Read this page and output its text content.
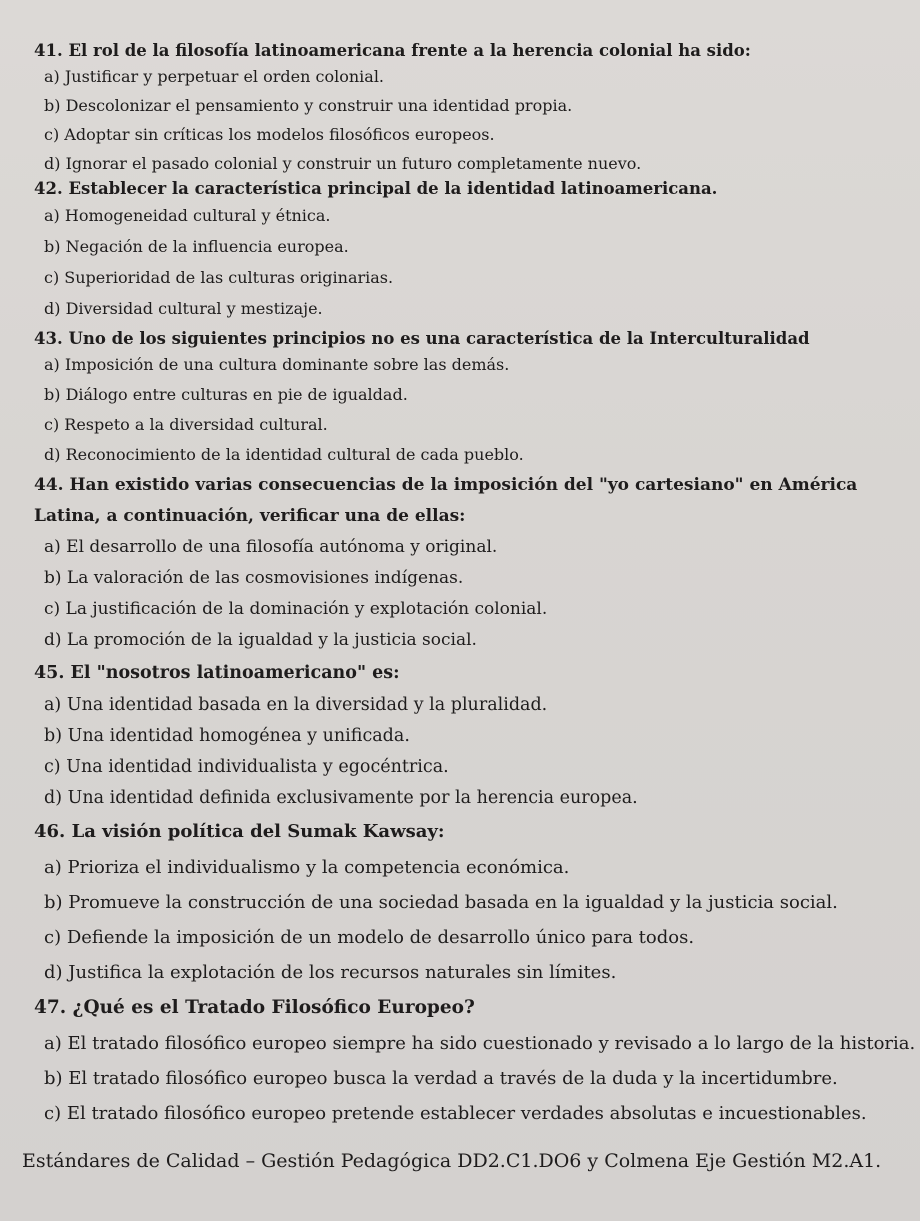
41. El rol de la filosofía latinoamericana frente a la herencia colonial ha sido:

a) Justificar y perpetuar el orden colonial.

b) Descolonizar el pensamiento y construir una identidad propia.

c) Adoptar sin críticas los modelos filosóficos europeos.

d) Ignorar el pasado colonial y construir un futuro completamente nuevo.

42. Establecer la característica principal de la identidad latinoamericana.

a) Homogeneidad cultural y étnica.

b) Negación de la influencia europea.

c) Superioridad de las culturas originarias.

d) Diversidad cultural y mestizaje.

43. Uno de los siguientes principios no es una característica de la Interculturalidad

a) Imposición de una cultura dominante sobre las demás.

b) Diálogo entre culturas en pie de igualdad.

c) Respeto a la diversidad cultural.

d) Reconocimiento de la identidad cultural de cada pueblo.

44. Han existido varias consecuencias de la imposición del "yo cartesiano" en América

Latina, a continuación, verificar una de ellas:

a) El desarrollo de una filosofía autónoma y original.

b) La valoración de las cosmovisiones indígenas.

c) La justificación de la dominación y explotación colonial.

d) La promoción de la igualdad y la justicia social.

45. El "nosotros latinoamericano" es:

a) Una identidad basada en la diversidad y la pluralidad.

b) Una identidad homogénea y unificada.

c) Una identidad individualista y egocéntrica.

d) Una identidad definida exclusivamente por la herencia europea.

46. La visión política del Sumak Kawsay:

a) Prioriza el individualismo y la competencia económica.

b) Promueve la construcción de una sociedad basada en la igualdad y la justicia social.

c) Defiende la imposición de un modelo de desarrollo único para todos.

d) Justifica la explotación de los recursos naturales sin límites.

47. ¿Qué es el Tratado Filosófico Europeo?

a) El tratado filosófico europeo siempre ha sido cuestionado y revisado a lo largo de la historia.

b) El tratado filosófico europeo busca la verdad a través de la duda y la incertidumbre.

c) El tratado filosófico europeo pretende establecer verdades absolutas e incuestionables.

Estándares de Calidad – Gestión Pedagógica DD2.C1.DO6 y Colmena Eje Gestión M2.A1.
